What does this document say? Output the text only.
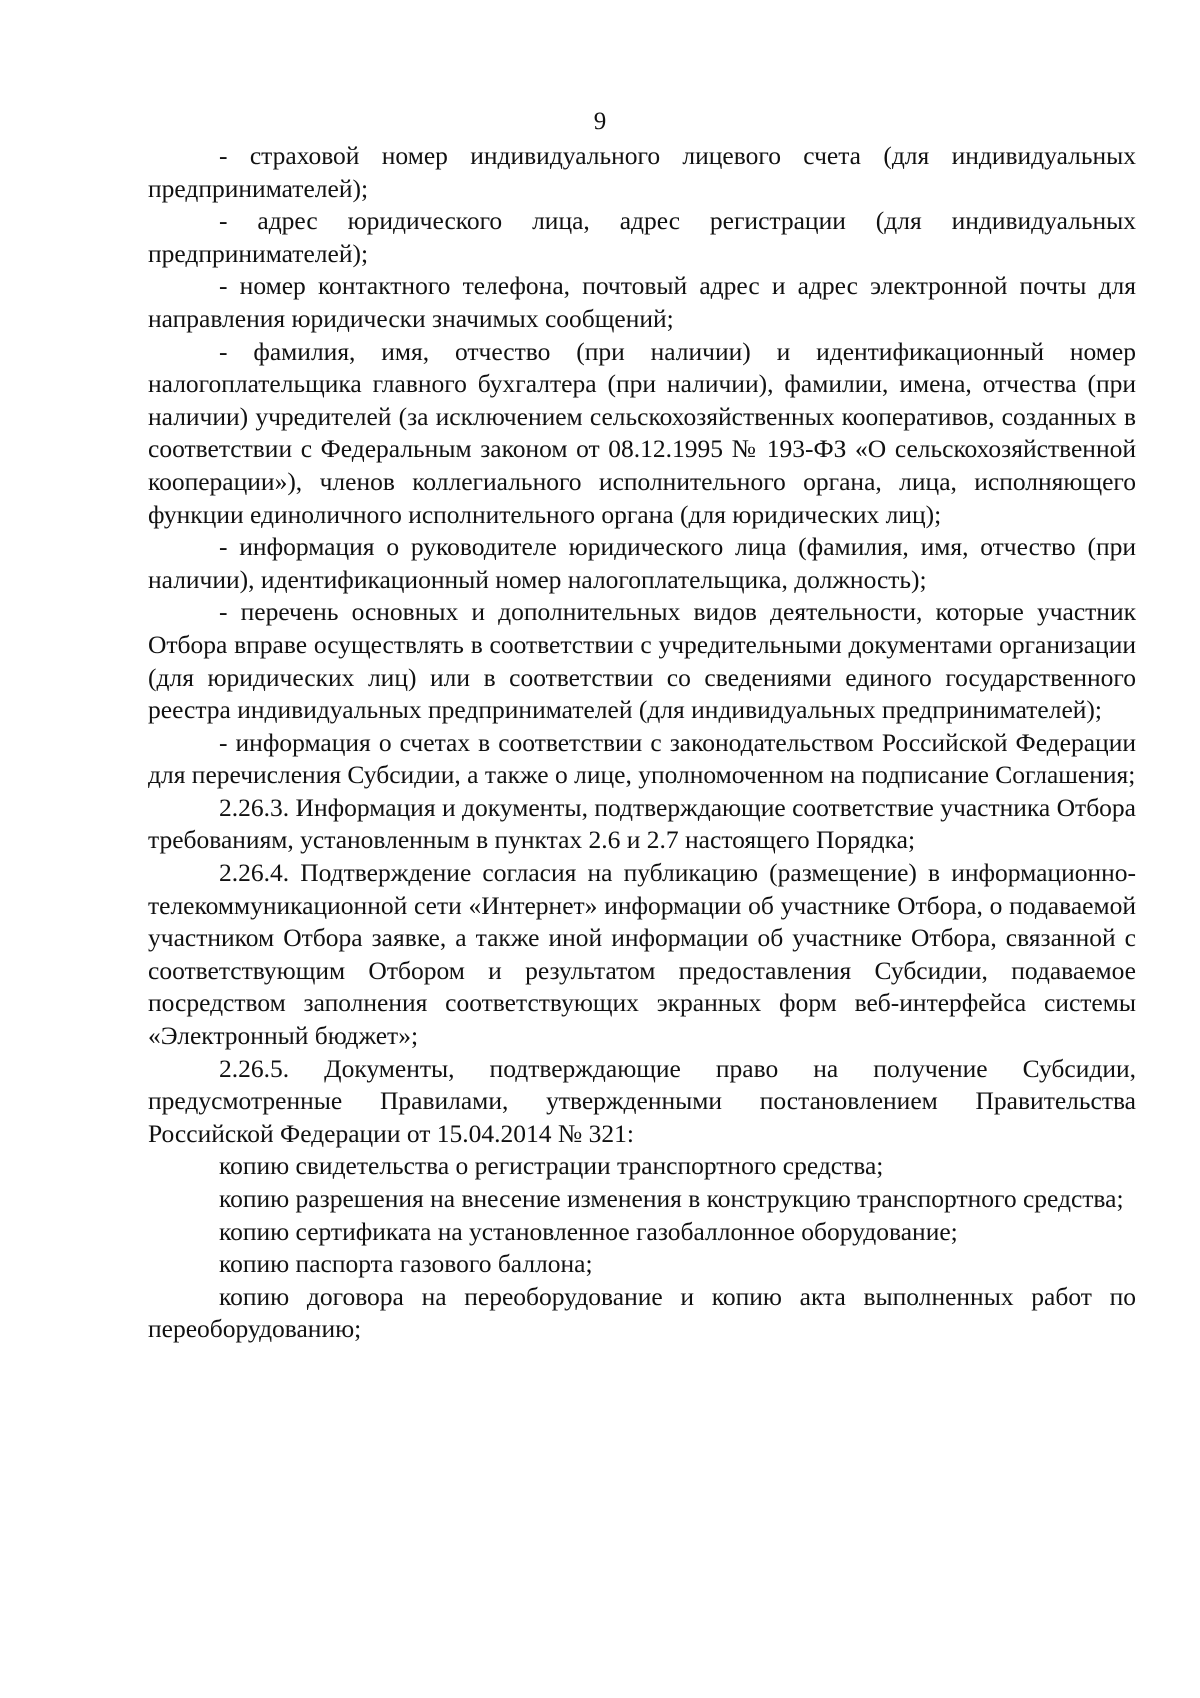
9

- страховой номер индивидуального лицевого счета (для индивидуальных предпринимателей);

- адрес юридического лица, адрес регистрации (для индивидуальных предпринимателей);

- номер контактного телефона, почтовый адрес и адрес электронной почты для направления юридически значимых сообщений;

- фамилия, имя, отчество (при наличии) и идентификационный номер налогоплательщика главного бухгалтера (при наличии), фамилии, имена, отчества (при наличии) учредителей (за исключением сельскохозяйственных кооперативов, созданных в соответствии с Федеральным законом от 08.12.1995 № 193-ФЗ «О сельскохозяйственной кооперации»), членов коллегиального исполнительного органа, лица, исполняющего функции единоличного исполнительного органа (для юридических лиц);

- информация о руководителе юридического лица (фамилия, имя, отчество (при наличии), идентификационный номер налогоплательщика, должность);

- перечень основных и дополнительных видов деятельности, которые участник Отбора вправе осуществлять в соответствии с учредительными документами организации (для юридических лиц) или в соответствии со сведениями единого государственного реестра индивидуальных предпринимателей (для индивидуальных предпринимателей);

- информация о счетах в соответствии с законодательством Российской Федерации для перечисления Субсидии, а также о лице, уполномоченном на подписание Соглашения;

2.26.3. Информация и документы, подтверждающие соответствие участника Отбора требованиям, установленным в пунктах 2.6 и 2.7 настоящего Порядка;

2.26.4. Подтверждение согласия на публикацию (размещение) в информационно-телекоммуникационной сети «Интернет» информации об участнике Отбора, о подаваемой участником Отбора заявке, а также иной информации об участнике Отбора, связанной с соответствующим Отбором и результатом предоставления Субсидии, подаваемое посредством заполнения соответствующих экранных форм веб-интерфейса системы «Электронный бюджет»;

2.26.5. Документы, подтверждающие право на получение Субсидии, предусмотренные Правилами, утвержденными постановлением Правительства Российской Федерации от 15.04.2014 № 321:

копию свидетельства о регистрации транспортного средства;

копию разрешения на внесение изменения в конструкцию транспортного средства;

копию сертификата на установленное газобаллонное оборудование;

копию паспорта газового баллона;

копию договора на переоборудование и копию акта выполненных работ по переоборудованию;
